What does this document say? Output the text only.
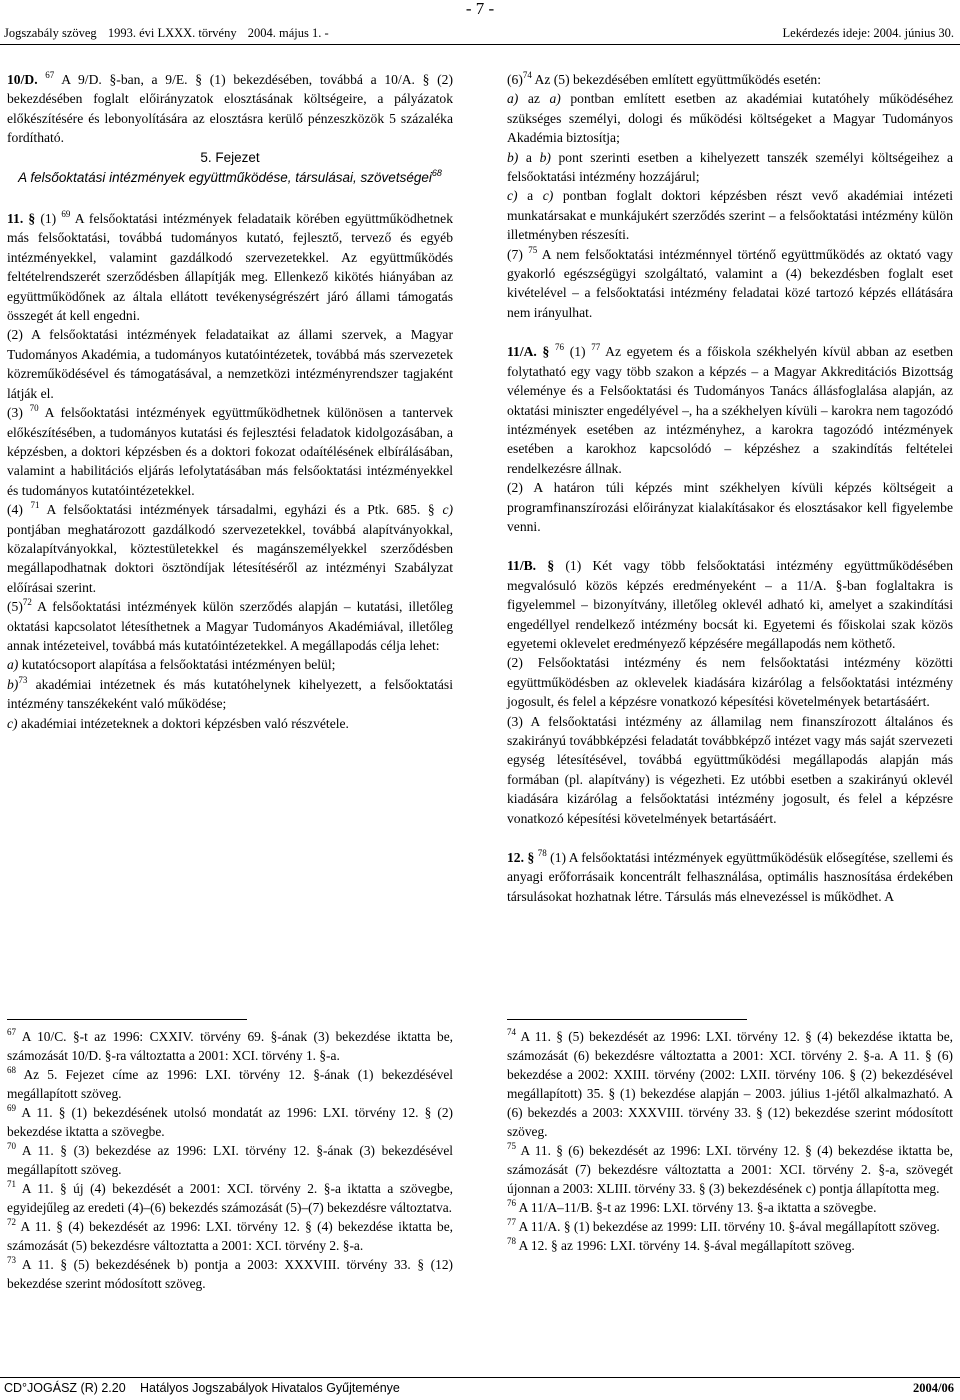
- 7 -
Jogszabály szöveg 1993. évi LXXX. törvény 2004. május 1. -	Lekérdezés ideje: 2004. június 30.

10/D. $^{67}$ A 9/D. §-ban, a 9/E. § (1) bekezdésében, továbbá a 10/A. § (2) bekezdésében foglalt előirányzatok elosztásának költségeire, a pályázatok előkészítésére és lebonyolítására az elosztásra kerülő pénzeszközök 5 százaléka fordítható.

5. Fejezet

A felsőoktatási intézmények együttműködése, társulásai, szövetségei$^{68}$

11. § (1) $^{69}$ A felsőoktatási intézmények feladataik körében együttműködhetnek más felsőoktatási, továbbá tudományos kutató, fejlesztő, tervező és egyéb intézményekkel, valamint gazdálkodó szervezetekkel. Az együttműködés feltételrendszerét szerződésben állapítják meg. Ellenkező kikötés hiányában az együttműködőnek az általa ellátott tevékenységrészért járó állami támogatás összegét át kell engedni.

(2) A felsőoktatási intézmények feladataikat az állami szervek, a Magyar Tudományos Akadémia, a tudományos kutatóintézetek, továbbá más szervezetek közreműködésével és támogatásával, a nemzetközi intézményrendszer tagjaként látják el.

(3) $^{70}$ A felsőoktatási intézmények együttműködhetnek különösen a tantervek előkészítésében, a tudományos kutatási és fejlesztési feladatok kidolgozásában, a képzésben, a doktori képzésben és a doktori fokozat odaítélésének elbírálásában, valamint a habilitációs eljárás lefolytatásában más felsőoktatási intézményekkel és tudományos kutatóintézetekkel.

(4) $^{71}$ A felsőoktatási intézmények társadalmi, egyházi és a Ptk. 685. § c) pontjában meghatározott gazdálkodó szervezetekkel, továbbá alapítványokkal, közalapítványokkal, köztestületekkel és magánszemélyekkel szerződésben megállapodhatnak doktori ösztöndíjak létesítéséről az intézményi Szabályzat előírásai szerint.

$(5)^{72}$ A felsőoktatási intézmények külön szerződés alapján – kutatási, illetőleg oktatási kapcsolatot létesíthetnek a Magyar Tudományos Akadémiával, illetőleg annak intézeteivel, továbbá más kutatóintézetekkel. A megállapodás célja lehet:

a) kutatócsoport alapítása a felsőoktatási intézményen belül;

b)$^{73}$ akadémiai intézetnek és más kutatóhelynek kihelyezett, a felsőoktatási intézmény tanszékeként való működése;

c) akadémiai intézeteknek a doktori képzésben való részvétele.

$(6)^{74}$ Az (5) bekezdésében említett együttműködés esetén:

a) az a) pontban említett esetben az akadémiai kutatóhely működéséhez szükséges személyi, dologi és működési költségeket a Magyar Tudományos Akadémia biztosítja;

b) a b) pont szerinti esetben a kihelyezett tanszék személyi költségeihez a felsőoktatási intézmény hozzájárul;

c) a c) pontban foglalt doktori képzésben részt vevő akadémiai intézeti munkatársakat e munkájukért szerződés szerint – a felsőoktatási intézmény külön illetményben részesíti.

(7) $^{75}$ A nem felsőoktatási intézménnyel történő együttműködés az oktató vagy gyakorló egészségügyi szolgáltató, valamint a (4) bekezdésben foglalt eset kivételével – a felsőoktatási intézmény feladatai közé tartozó képzés ellátására nem irányulhat.

11/A. § $^{76}$ (1) $^{77}$ Az egyetem és a főiskola székhelyén kívül abban az esetben folytatható egy vagy több szakon a képzés – a Magyar Akkreditációs Bizottság véleménye és a Felsőoktatási és Tudományos Tanács állásfoglalása alapján, az oktatási miniszter engedélyével –, ha a székhelyen kívüli – karokra nem tagozódó intézmények esetében az intézményhez, a karokra tagozódó intézmények esetében a karokhoz kapcsolódó – képzéshez a szakindítás feltételei rendelkezésre állnak.

(2) A határon túli képzés mint székhelyen kívüli képzés költségeit a programfinanszírozási előirányzat kialakításakor és elosztásakor kell figyelembe venni.

11/B. § (1) Két vagy több felsőoktatási intézmény együttműködésében megvalósuló közös képzés eredményeként – a 11/A. §-ban foglaltakra is figyelemmel – bizonyítvány, illetőleg oklevél adható ki, amelyet a szakindítási engedéllyel rendelkező intézmény bocsát ki. Egyetemi és főiskolai szak közös egyetemi oklevelet eredményező képzésére megállapodás nem köthető.

(2) Felsőoktatási intézmény és nem felsőoktatási intézmény közötti együttműködésben az oklevelek kiadására kizárólag a felsőoktatási intézmény jogosult, és felel a képzésre vonatkozó képesítési követelmények betartásáért.

(3) A felsőoktatási intézmény az államilag nem finanszírozott általános és szakirányú továbbképzési feladatát továbbképző intézet vagy más saját szervezeti egység létesítésével, továbbá együttműködési megállapodás alapján más formában (pl. alapítvány) is végezheti. Ez utóbbi esetben a szakirányú oklevél kiadására kizárólag a felsőoktatási intézmény jogosult, és felel a képzésre vonatkozó képesítési követelmények betartásáért.

12. § $^{78}$ (1) A felsőoktatási intézmények együttműködésük elősegítése, szellemi és anyagi erőforrásaik koncentrált felhasználása, optimális hasznosítása érdekében társulásokat hozhatnak létre. Társulás más elnevezéssel is működhet. A

$^{67}$ A 10/C. §-t az 1996: CXXIV. törvény 69. §-ának (3) bekezdése iktatta be, számozását 10/D. §-ra változtatta a 2001: XCI. törvény 1. §-a.

$^{68}$ Az 5. Fejezet címe az 1996: LXI. törvény 12. §-ának (1) bekezdésével megállapított szöveg.

$^{69}$ A 11. § (1) bekezdésének utolsó mondatát az 1996: LXI. törvény 12. § (2) bekezdése iktatta a szövegbe.

$^{70}$ A 11. § (3) bekezdése az 1996: LXI. törvény 12. §-ának (3) bekezdésével megállapított szöveg.

$^{71}$ A 11. § új (4) bekezdését a 2001: XCI. törvény 2. §-a iktatta a szövegbe, egyidejűleg az eredeti (4)–(6) bekezdés számozását (5)–(7) bekezdésre változtatva.

$^{72}$ A 11. § (4) bekezdését az 1996: LXI. törvény 12. § (4) bekezdése iktatta be, számozását (5) bekezdésre változtatta a 2001: XCI. törvény 2. §-a.

$^{73}$ A 11. § (5) bekezdésének b) pontja a 2003: XXXVIII. törvény 33. § (12) bekezdése szerint módosított szöveg.

$^{74}$ A 11. § (5) bekezdését az 1996: LXI. törvény 12. § (4) bekezdése iktatta be, számozását (6) bekezdésre változtatta a 2001: XCI. törvény 2. §-a. A 11. § (6) bekezdése a 2002: XXIII. törvény (2002: LXII. törvény 106. § (2) bekezdésével megállapított) 35. § (1) bekezdése alapján – 2003. július 1-jétől alkalmazható. A (6) bekezdés a 2003: XXXVIII. törvény 33. § (12) bekezdése szerint módosított szöveg.

$^{75}$ A 11. § (6) bekezdését az 1996: LXI. törvény 12. § (4) bekezdése iktatta be, számozását (7) bekezdésre változtatta a 2001: XCI. törvény 2. §-a, szövegét újonnan a 2003: XLIII. törvény 33. § (3) bekezdésének c) pontja állapította meg.

$^{76}$ A 11/A–11/B. §-t az 1996: LXI. törvény 13. §-a iktatta a szövegbe.

$^{77}$ A 11/A. § (1) bekezdése az 1999: LII. törvény 10. §-ával megállapított szöveg.

$^{78}$ A 12. § az 1996: LXI. törvény 14. §-ával megállapított szöveg.

CD°JOGÁSZ (R) 2.20 Hatályos Jogszabályok Hivatalos Gyűjteménye	2004/06
